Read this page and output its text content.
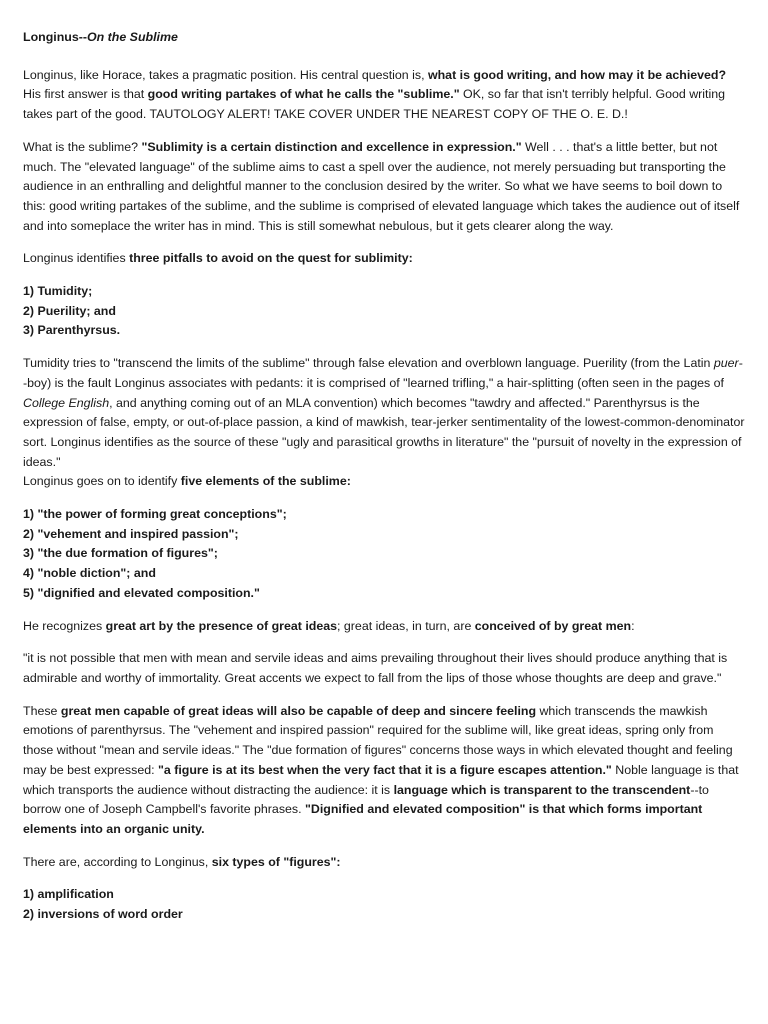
Longinus--On the Sublime

Longinus, like Horace, takes a pragmatic position. His central question is, what is good writing, and how may it be achieved? His first answer is that good writing partakes of what he calls the "sublime." OK, so far that isn't terribly helpful. Good writing takes part of the good. TAUTOLOGY ALERT! TAKE COVER UNDER THE NEAREST COPY OF THE O. E. D.!

What is the sublime? "Sublimity is a certain distinction and excellence in expression." Well . . . that's a little better, but not much. The "elevated language" of the sublime aims to cast a spell over the audience, not merely persuading but transporting the audience in an enthralling and delightful manner to the conclusion desired by the writer. So what we have seems to boil down to this: good writing partakes of the sublime, and the sublime is comprised of elevated language which takes the audience out of itself and into someplace the writer has in mind. This is still somewhat nebulous, but it gets clearer along the way.

Longinus identifies three pitfalls to avoid on the quest for sublimity:

1) Tumidity;
2) Puerility; and
3) Parenthyrsus.

Tumidity tries to "transcend the limits of the sublime" through false elevation and overblown language. Puerility (from the Latin puer--boy) is the fault Longinus associates with pedants: it is comprised of "learned trifling," a hair-splitting (often seen in the pages of College English, and anything coming out of an MLA convention) which becomes "tawdry and affected." Parenthyrsus is the expression of false, empty, or out-of-place passion, a kind of mawkish, tear-jerker sentimentality of the lowest-common-denominator sort. Longinus identifies as the source of these "ugly and parasitical growths in literature" the "pursuit of novelty in the expression of ideas."

Longinus goes on to identify five elements of the sublime:

1) "the power of forming great conceptions";
2) "vehement and inspired passion";
3) "the due formation of figures";
4) "noble diction"; and
5) "dignified and elevated composition."

He recognizes great art by the presence of great ideas; great ideas, in turn, are conceived of by great men:

"it is not possible that men with mean and servile ideas and aims prevailing throughout their lives should produce anything that is admirable and worthy of immortality. Great accents we expect to fall from the lips of those whose thoughts are deep and grave."

These great men capable of great ideas will also be capable of deep and sincere feeling which transcends the mawkish emotions of parenthyrsus. The "vehement and inspired passion" required for the sublime will, like great ideas, spring only from those without "mean and servile ideas." The "due formation of figures" concerns those ways in which elevated thought and feeling may be best expressed: "a figure is at its best when the very fact that it is a figure escapes attention." Noble language is that which transports the audience without distracting the audience: it is language which is transparent to the transcendent--to borrow one of Joseph Campbell's favorite phrases. "Dignified and elevated composition" is that which forms important elements into an organic unity.

There are, according to Longinus, six types of "figures":

1) amplification
2) inversions of word order
